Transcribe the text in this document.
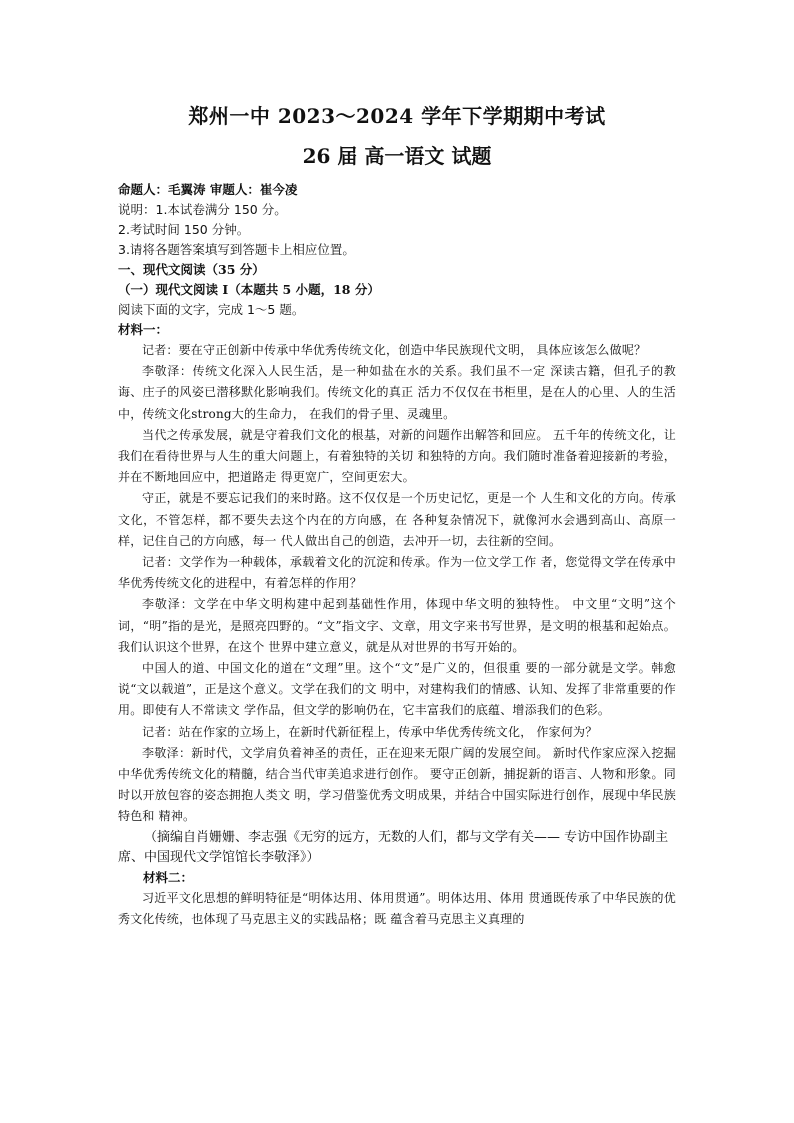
郑州一中 2023～2024 学年下学期期中考试
26 届 高一语文 试题

命题人：毛翼涛 审题人：崔今凌

说明：1.本试卷满分 150 分。

2.考试时间 150 分钟。

3.请将各题答案填写到答题卡上相应位置。

一、现代文阅读（35 分）

（一）现代文阅读 I（本题共 5 小题，18 分）

阅读下面的文字，完成 1～5 题。

材料一：

记者：要在守正创新中传承中华优秀传统文化，创造中华民族现代文明， 具体应该怎么做呢？

李敬泽：传统文化深入人民生活，是一种如盐在水的关系。我们虽不一定 深读古籍，但孔子的教诲、庄子的风姿已潜移默化影响我们。传统文化的真正 活力不仅仅在书柜里，是在人的心里、人的生活中，传统文化strong大的生命力， 在我们的骨子里、灵魂里。

当代之传承发展，就是守着我们文化的根基，对新的问题作出解答和回应。 五千年的传统文化，让我们在看待世界与人生的重大问题上，有着独特的关切 和独特的方向。我们随时准备着迎接新的考验，并在不断地回应中，把道路走 得更宽广，空间更宏大。

守正，就是不要忘记我们的来时路。这不仅仅是一个历史记忆，更是一个 人生和文化的方向。传承文化，不管怎样，都不要失去这个内在的方向感，在 各种复杂情况下，就像河水会遇到高山、高原一样，记住自己的方向感，每一 代人做出自己的创造，去冲开一切，去往新的空间。

记者：文学作为一种载体，承载着文化的沉淀和传承。作为一位文学工作 者，您觉得文学在传承中华优秀传统文化的进程中，有着怎样的作用？

李敬泽：文学在中华文明构建中起到基础性作用，体现中华文明的独特性。 中文里“文明”这个词，“明”指的是光，是照亮四野的。“文”指文字、文章，用文字来书写世界，是文明的根基和起始点。我们认识这个世界，在这个 世界中建立意义，就是从对世界的书写开始的。

中国人的道、中国文化的道在“文理”里。这个“文”是广义的，但很重 要的一部分就是文学。韩愈说“文以载道”，正是这个意义。文学在我们的文 明中，对建构我们的情感、认知、发挥了非常重要的作用。即使有人不常读文 学作品，但文学的影响仍在，它丰富我们的底蕴、增添我们的色彩。

记者：站在作家的立场上，在新时代新征程上，传承中华优秀传统文化， 作家何为？

李敬泽：新时代，文学肩负着神圣的责任，正在迎来无限广阔的发展空间。 新时代作家应深入挖掘中华优秀传统文化的精髓，结合当代审美追求进行创作。 要守正创新，捕捉新的语言、人物和形象。同时以开放包容的姿态拥抱人类文 明，学习借鉴优秀文明成果，并结合中国实际进行创作，展现中华民族特色和 精神。

（摘编自肖姗姗、李志强《无穷的远方，无数的人们，都与文学有关—— 专访中国作协副主席、中国现代文学馆馆长李敬泽》）

材料二：

习近平文化思想的鲜明特征是“明体达用、体用贯通”。明体达用、体用 贯通既传承了中华民族的优秀文化传统，也体现了马克思主义的实践品格；既 蕴含着马克思主义真理的
